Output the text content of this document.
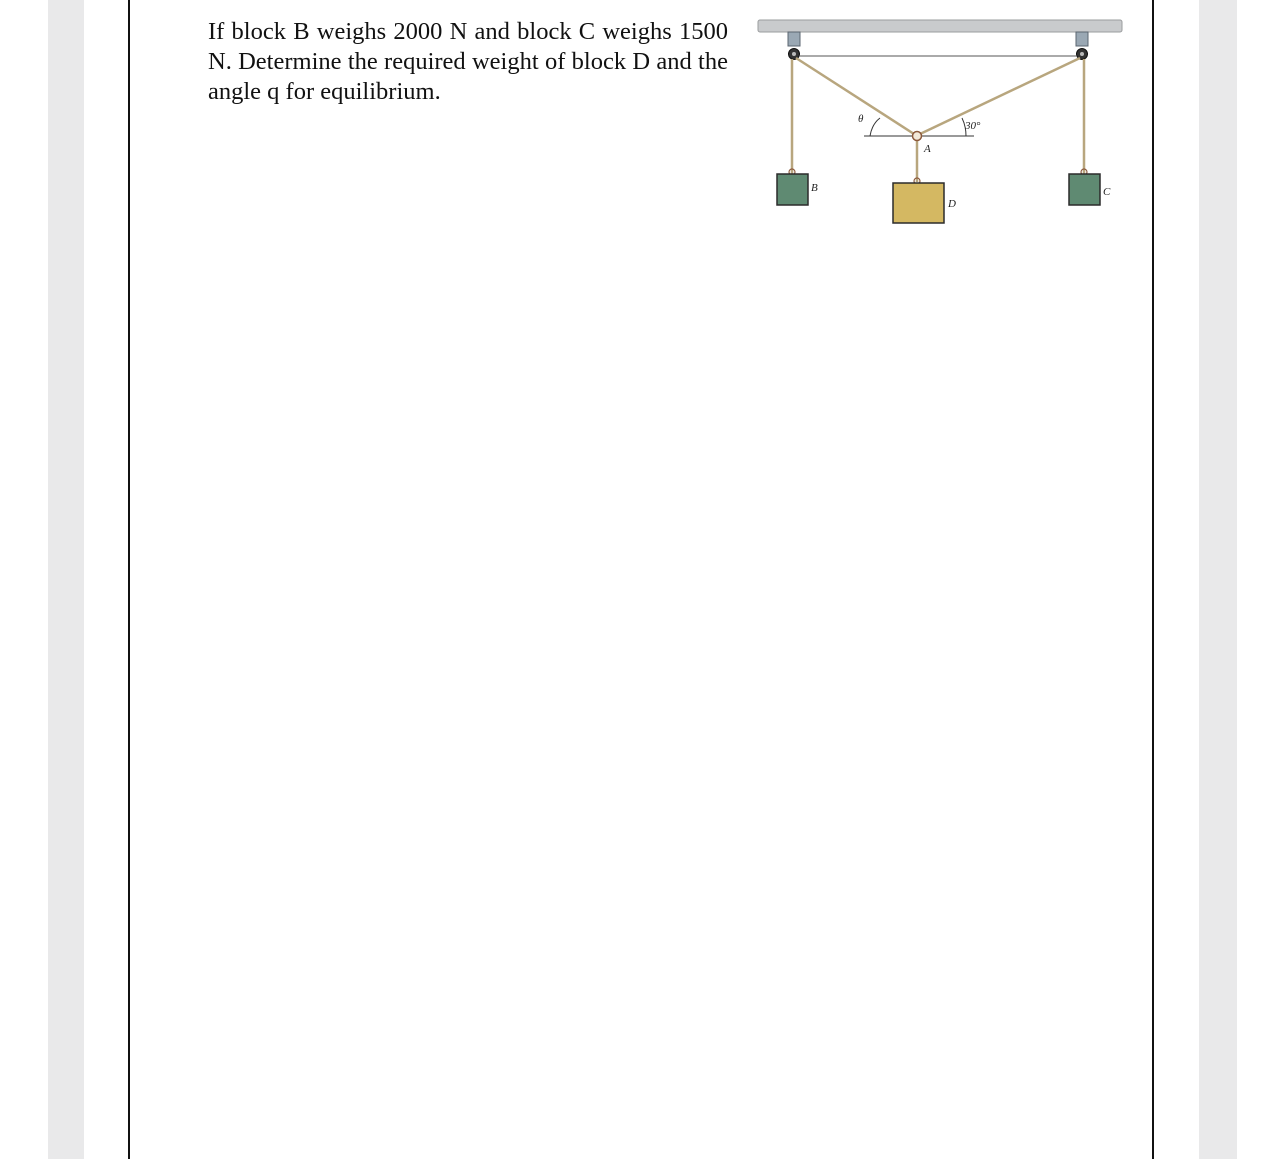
If block B weighs 2000 N and block C weighs 1500 N. Determine the required weight of block D and the angle q for equilibrium.

θ
30°
A
B	C
D
